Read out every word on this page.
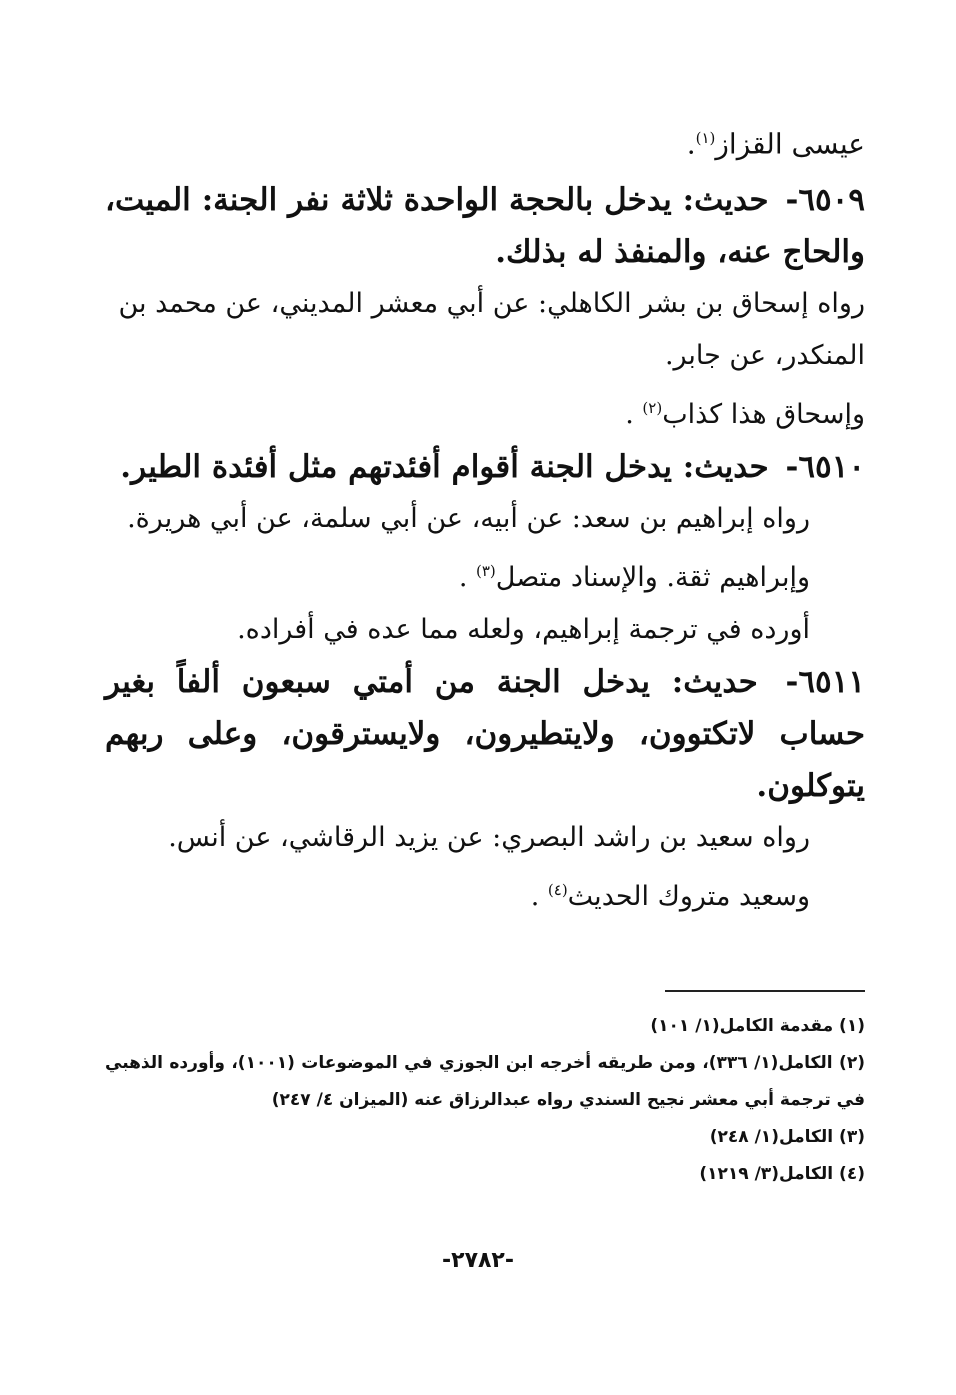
عيسى القزاز$^{(١)}$.
٦٥٠٩- حديث: يدخل بالحجة الواحدة ثلاثة نفر الجنة: الميت، والحاج عنه، والمنفذ له بذلك.
رواه إسحاق بن بشر الكاهلي: عن أبي معشر المديني، عن محمد بن المنكدر، عن جابر.
وإسحاق هذا كذاب$^{(٢)}$ .
٦٥١٠- حديث: يدخل الجنة أقوام أفئدتهم مثل أفئدة الطير.
رواه إبراهيم بن سعد: عن أبيه، عن أبي سلمة، عن أبي هريرة.
وإبراهيم ثقة. والإسناد متصل$^{(٣)}$ .
أورده في ترجمة إبراهيم، ولعله مما عده في أفراده.
٦٥١١- حديث: يدخل الجنة من أمتي سبعون ألفاً بغير حساب لاتكتوون، ولايتطيرون، ولايسترقون، وعلى ربهم يتوكلون.
رواه سعيد بن راشد البصري: عن يزيد الرقاشي، عن أنس.
وسعيد متروك الحديث$^{(٤)}$ .
(١) مقدمة الكامل(١/ ١٠١)
(٢) الكامل(١/ ٣٣٦)، ومن طريقه أخرجه ابن الجوزي في الموضوعات (١٠٠١)، وأورده الذهبي في ترجمة أبي معشر نجيح السندي رواه عبدالرزاق عنه (الميزان ٤/ ٢٤٧)
(٣) الكامل(١/ ٢٤٨)
(٤) الكامل(٣/ ١٢١٩)
-٢٧٨٢-
